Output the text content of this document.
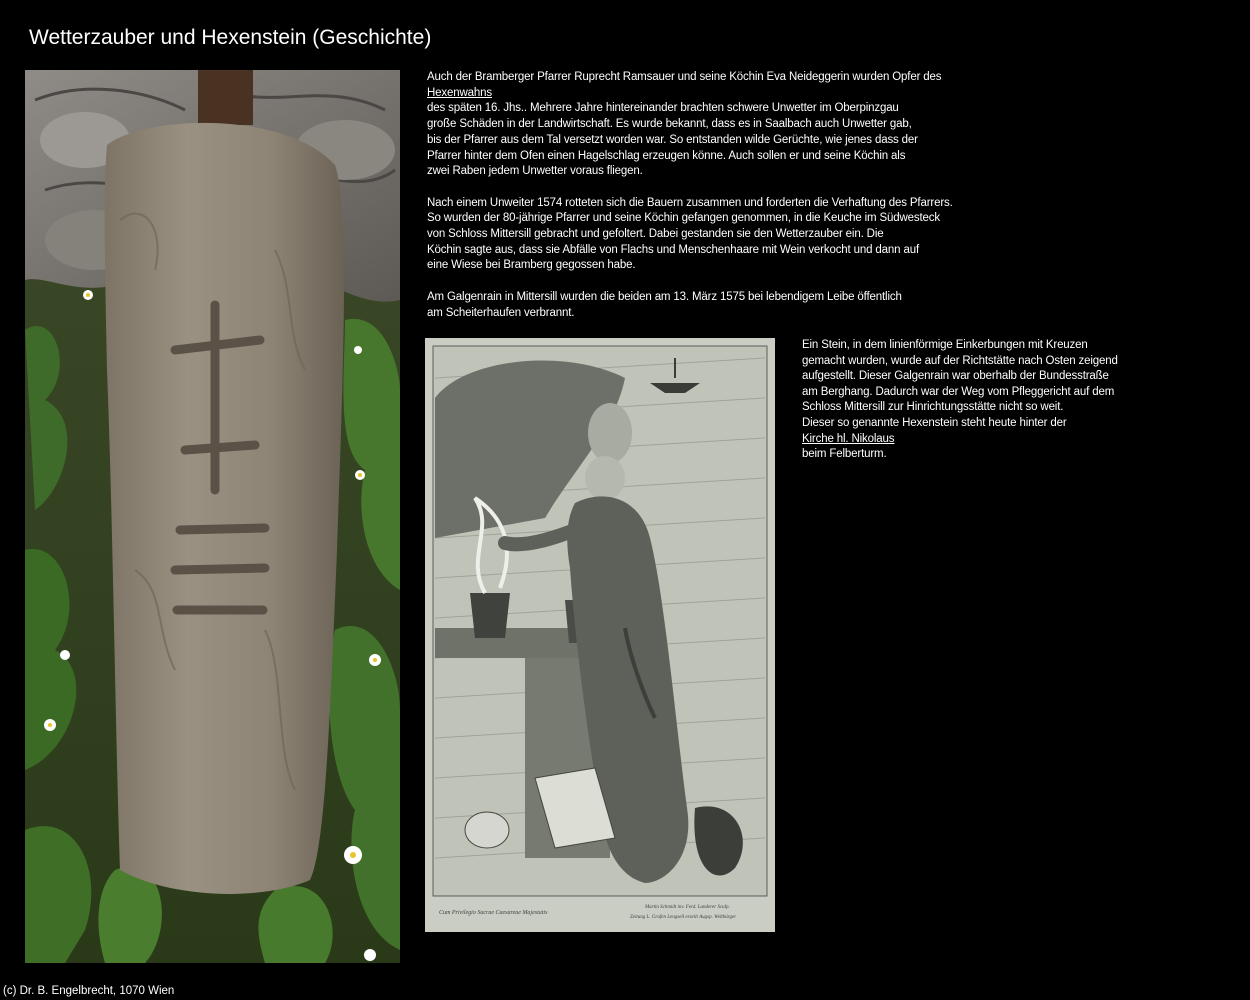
Wetterzauber und Hexenstein (Geschichte)

Auch der Bramberger Pfarrer Ruprecht Ramsauer und seine Köchin Eva Neideggerin wurden Opfer des

Hexenwahns

des späten 16. Jhs.. Mehrere Jahre hintereinander brachten schwere Unwetter im Oberpinzgau
große Schäden in der Landwirtschaft. Es wurde bekannt, dass es in Saalbach auch Unwetter gab,
bis der Pfarrer aus dem Tal versetzt worden war. So entstanden wilde Gerüchte, wie jenes dass der
Pfarrer hinter dem Ofen einen Hagelschlag erzeugen könne. Auch sollen er und seine Köchin als
zwei Raben jedem Unwetter voraus fliegen.

Nach einem Unweiter 1574 rotteten sich die Bauern zusammen und forderten die Verhaftung des Pfarrers.
So wurden der 80-jährige Pfarrer und seine Köchin gefangen genommen, in die Keuche im Südwesteck
von Schloss Mittersill gebracht und gefoltert. Dabei gestanden sie den Wetterzauber ein. Die
Köchin sagte aus, dass sie Abfälle von Flachs und Menschenhaare mit Wein verkocht und dann auf
eine Wiese bei Bramberg gegossen habe.

Am Galgenrain in Mittersill wurden die beiden am 13. März 1575 bei lebendigem Leibe öffentlich
am Scheiterhaufen verbrannt.

Cum Privilegio Sacrae Caesareae Majestatis
Martin Schmidt inv. Ferd. Landerer Sculp.
Zeitung L. Grafen Lengsell erzeilt Augsp. Weltbürger

Ein Stein, in dem linienförmige Einkerbungen mit Kreuzen
gemacht wurden, wurde auf der Richtstätte nach Osten zeigend
aufgestellt. Dieser Galgenrain war oberhalb der Bundesstraße
am Berghang. Dadurch war der Weg vom Pfleggericht auf dem
Schloss Mittersill zur Hinrichtungsstätte nicht so weit.
Dieser so genannte Hexenstein steht heute hinter der

Kirche hl. Nikolaus

beim Felberturm.

(c) Dr. B. Engelbrecht, 1070 Wien
